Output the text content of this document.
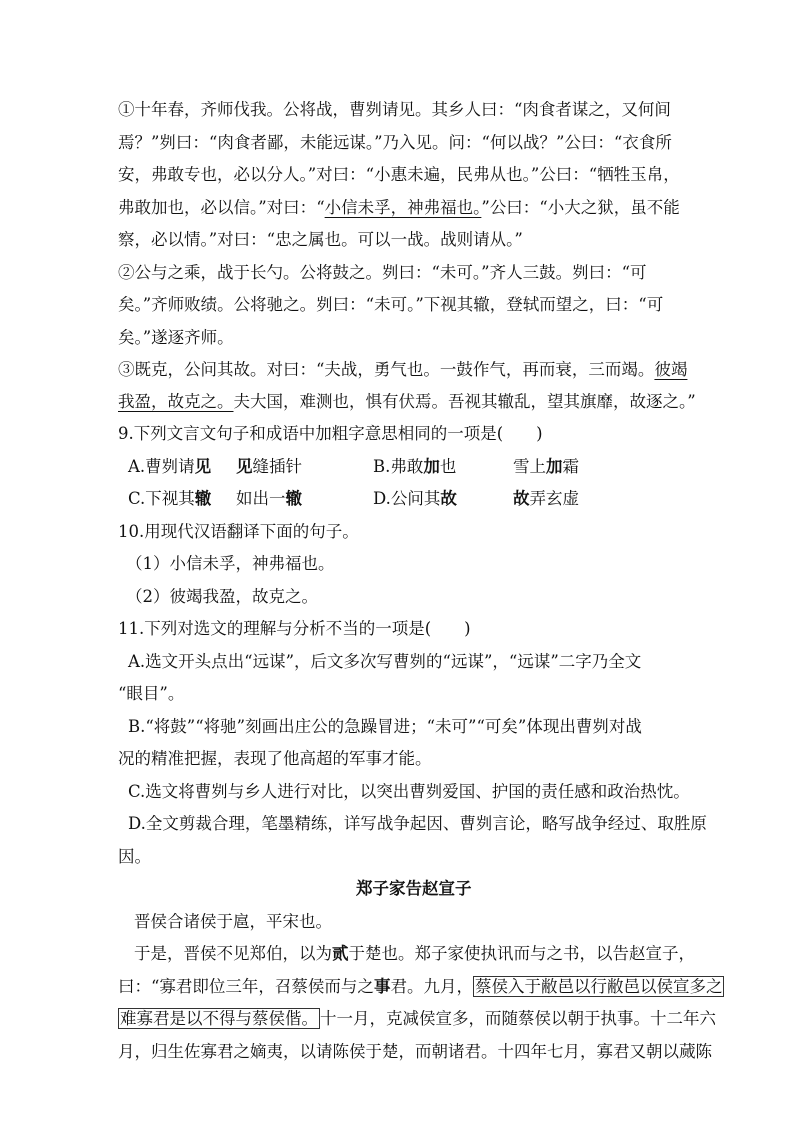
①十年春，齐师伐我。公将战，曹刿请见。其乡人曰：“肉食者谋之，又何间
焉？”刿曰：“肉食者鄙，未能远谋。”乃入见。问：“何以战？”公曰：“衣食所
安，弗敢专也，必以分人。”对曰：“小惠未遍，民弗从也。”公曰：“牺牲玉帛，
弗敢加也，必以信。”对曰：“小信未孚，神弗福也。”公曰：“小大之狱，虽不能
察，必以情。”对曰：“忠之属也。可以一战。战则请从。”
②公与之乘，战于长勺。公将鼓之。刿曰：“未可。”齐人三鼓。刿曰：“可
矣。”齐师败绩。公将驰之。刿曰：“未可。”下视其辙，登轼而望之，曰：“可
矣。”遂逐齐师。
③既克，公问其故。对曰：“夫战，勇气也。一鼓作气，再而衰，三而竭。彼竭
我盈，故克之。夫大国，难测也，惧有伏焉。吾视其辙乱，望其旗靡，故逐之。”
9.下列文言文句子和成语中加粗字意思相同的一项是(　　)
A.曹刿请见 见缝插针	B.弗敢加也	雪上加霜
C.下视其辙 如出一辙	D.公问其故	故弄玄虚
10.用现代汉语翻译下面的句子。
（1）小信未孚，神弗福也。
（2）彼竭我盈，故克之。
11.下列对选文的理解与分析不当的一项是(　　)
A.选文开头点出“远谋”，后文多次写曹刿的“远谋”，“远谋”二字乃全文
“眼目”。
B.“将鼓”“将驰”刻画出庄公的急躁冒进；“未可”“可矣”体现出曹刿对战
况的精准把握，表现了他高超的军事才能。
C.选文将曹刿与乡人进行对比，以突出曹刿爱国、护国的责任感和政治热忱。
D.全文剪裁合理，笔墨精练，详写战争起因、曹刿言论，略写战争经过、取胜原
因。
郑子家告赵宣子
晋侯合诸侯于扈，平宋也。
于是，晋侯不见郑伯，以为贰于楚也。郑子家使执讯而与之书，以告赵宣子，
曰：“寡君即位三年，召蔡侯而与之事君。九月， 蔡侯入于敝邑以行敝邑以侯宣多之
难寡君是以不得与蔡侯偕。 十一月，克减侯宣多，而随蔡侯以朝于执事。十二年六
月，归生佐寡君之嫡夷，以请陈侯于楚，而朝诸君。十四年七月，寡君又朝以蒇陈
